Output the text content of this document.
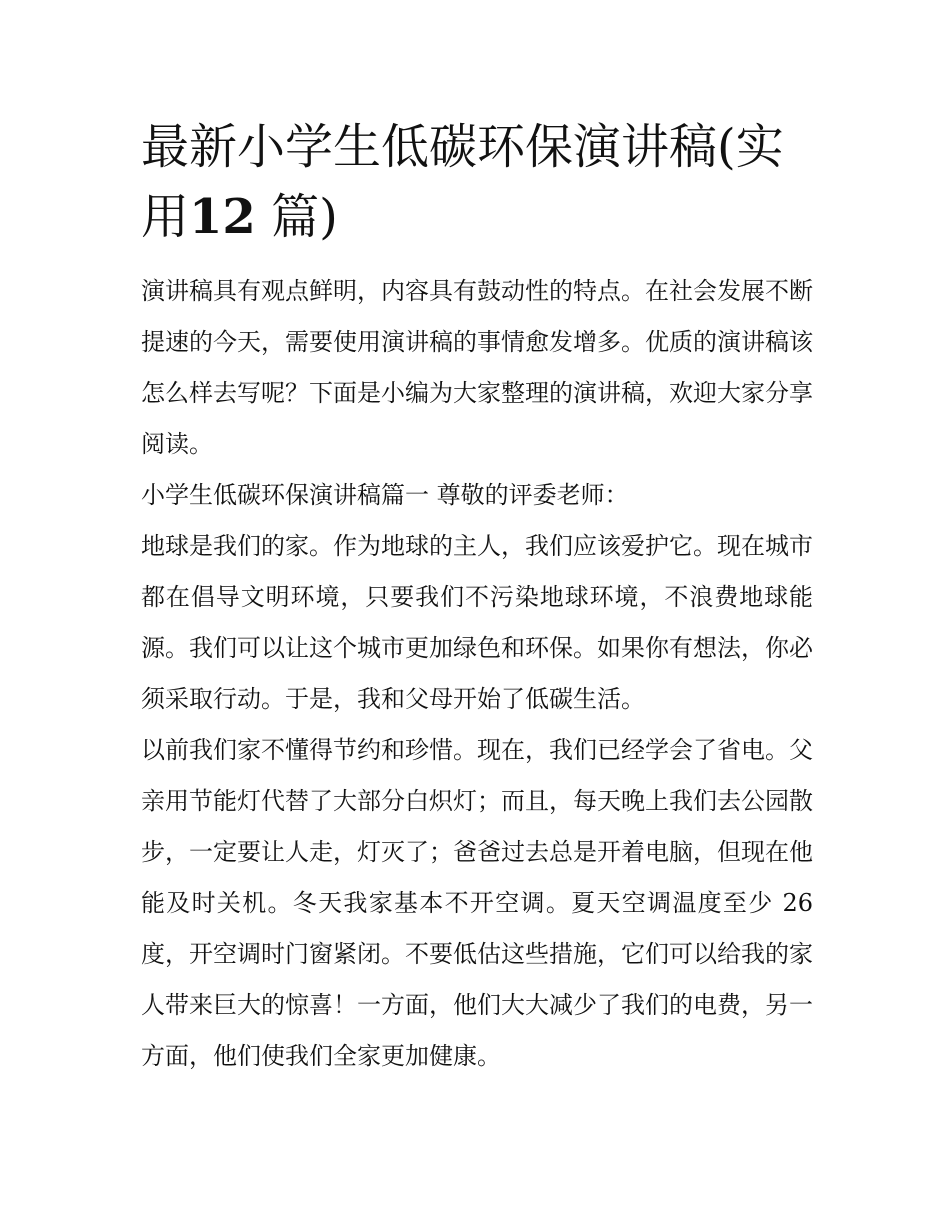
最新小学生低碳环保演讲稿(实用12 篇)

演讲稿具有观点鲜明，内容具有鼓动性的特点。在社会发展不断提速的今天，需要使用演讲稿的事情愈发增多。优质的演讲稿该怎么样去写呢？下面是小编为大家整理的演讲稿，欢迎大家分享阅读。

小学生低碳环保演讲稿篇一 尊敬的评委老师：

地球是我们的家。作为地球的主人，我们应该爱护它。现在城市都在倡导文明环境，只要我们不污染地球环境，不浪费地球能源。我们可以让这个城市更加绿色和环保。如果你有想法，你必须采取行动。于是，我和父母开始了低碳生活。

以前我们家不懂得节约和珍惜。现在，我们已经学会了省电。父亲用节能灯代替了大部分白炽灯；而且，每天晚上我们去公园散步，一定要让人走，灯灭了；爸爸过去总是开着电脑，但现在他能及时关机。冬天我家基本不开空调。夏天空调温度至少 26 度，开空调时门窗紧闭。不要低估这些措施，它们可以给我的家人带来巨大的惊喜！一方面，他们大大减少了我们的电费，另一方面，他们使我们全家更加健康。
